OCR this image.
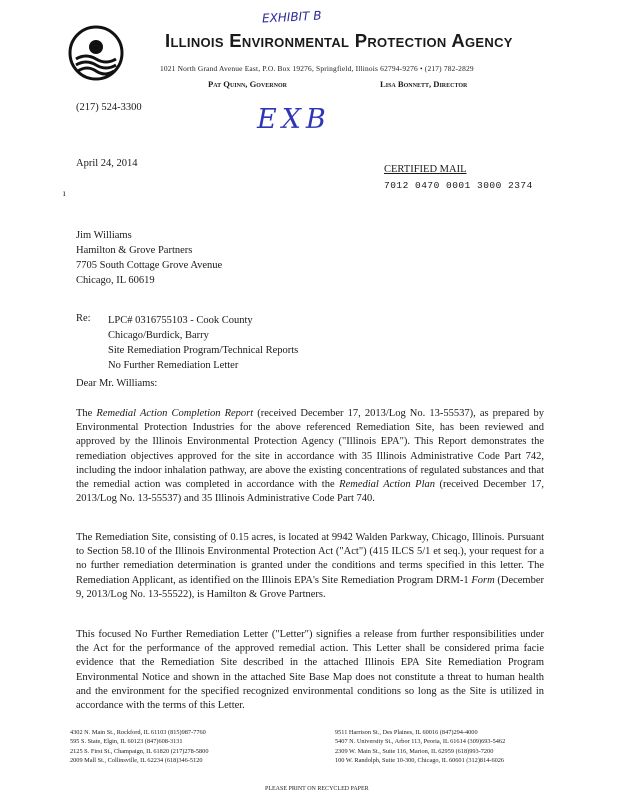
EXHIBIT B
Illinois Environmental Protection Agency
1021 North Grand Avenue East, P.O. Box 19276, Springfield, Illinois 62794-9276 • (217) 782-2829
Pat Quinn, Governor	Lisa Bonnett, Director
(217) 524-3300	EXB
April 24, 2014
CERTIFIED MAIL
7012 0470 0001 3000 2374
ı
Jim Williams
Hamilton & Grove Partners
7705 South Cottage Grove Avenue
Chicago, IL 60619
Re: LPC# 0316755103 - Cook County
Chicago/Burdick, Barry
Site Remediation Program/Technical Reports
No Further Remediation Letter
Dear Mr. Williams:
The Remedial Action Completion Report (received December 17, 2013/Log No. 13-55537), as prepared by Environmental Protection Industries for the above referenced Remediation Site, has been reviewed and approved by the Illinois Environmental Protection Agency ("Illinois EPA"). This Report demonstrates the remediation objectives approved for the site in accordance with 35 Illinois Administrative Code Part 742, including the indoor inhalation pathway, are above the existing concentrations of regulated substances and that the remedial action was completed in accordance with the Remedial Action Plan (received December 17, 2013/Log No. 13-55537) and 35 Illinois Administrative Code Part 740.
The Remediation Site, consisting of 0.15 acres, is located at 9942 Walden Parkway, Chicago, Illinois. Pursuant to Section 58.10 of the Illinois Environmental Protection Act ("Act") (415 ILCS 5/1 et seq.), your request for a no further remediation determination is granted under the conditions and terms specified in this letter. The Remediation Applicant, as identified on the Illinois EPA's Site Remediation Program DRM-1 Form (December 9, 2013/Log No. 13-55522), is Hamilton & Grove Partners.
This focused No Further Remediation Letter ("Letter") signifies a release from further responsibilities under the Act for the performance of the approved remedial action. This Letter shall be considered prima facie evidence that the Remediation Site described in the attached Illinois EPA Site Remediation Program Environmental Notice and shown in the attached Site Base Map does not constitute a threat to human health and the environment for the specified recognized environmental conditions so long as the Site is utilized in accordance with the terms of this Letter.
4302 N. Main St., Rockford, IL 61103 (815)987-7760
595 S. State, Elgin, IL 60123 (847)608-3131
2125 S. First St., Champaign, IL 61820 (217)278-5800
2009 Mall St., Collinsville, IL 62234 (618)346-5120
9511 Harrison St., Des Plaines, IL 60016 (847)294-4000
5407 N. University St., Arbor 113, Peoria, IL 61614 (309)693-5462
2309 W. Main St., Suite 116, Marion, IL 62959 (618)993-7200
100 W. Randolph, Suite 10-300, Chicago, IL 60601 (312)814-6026
PLEASE PRINT ON RECYCLED PAPER
